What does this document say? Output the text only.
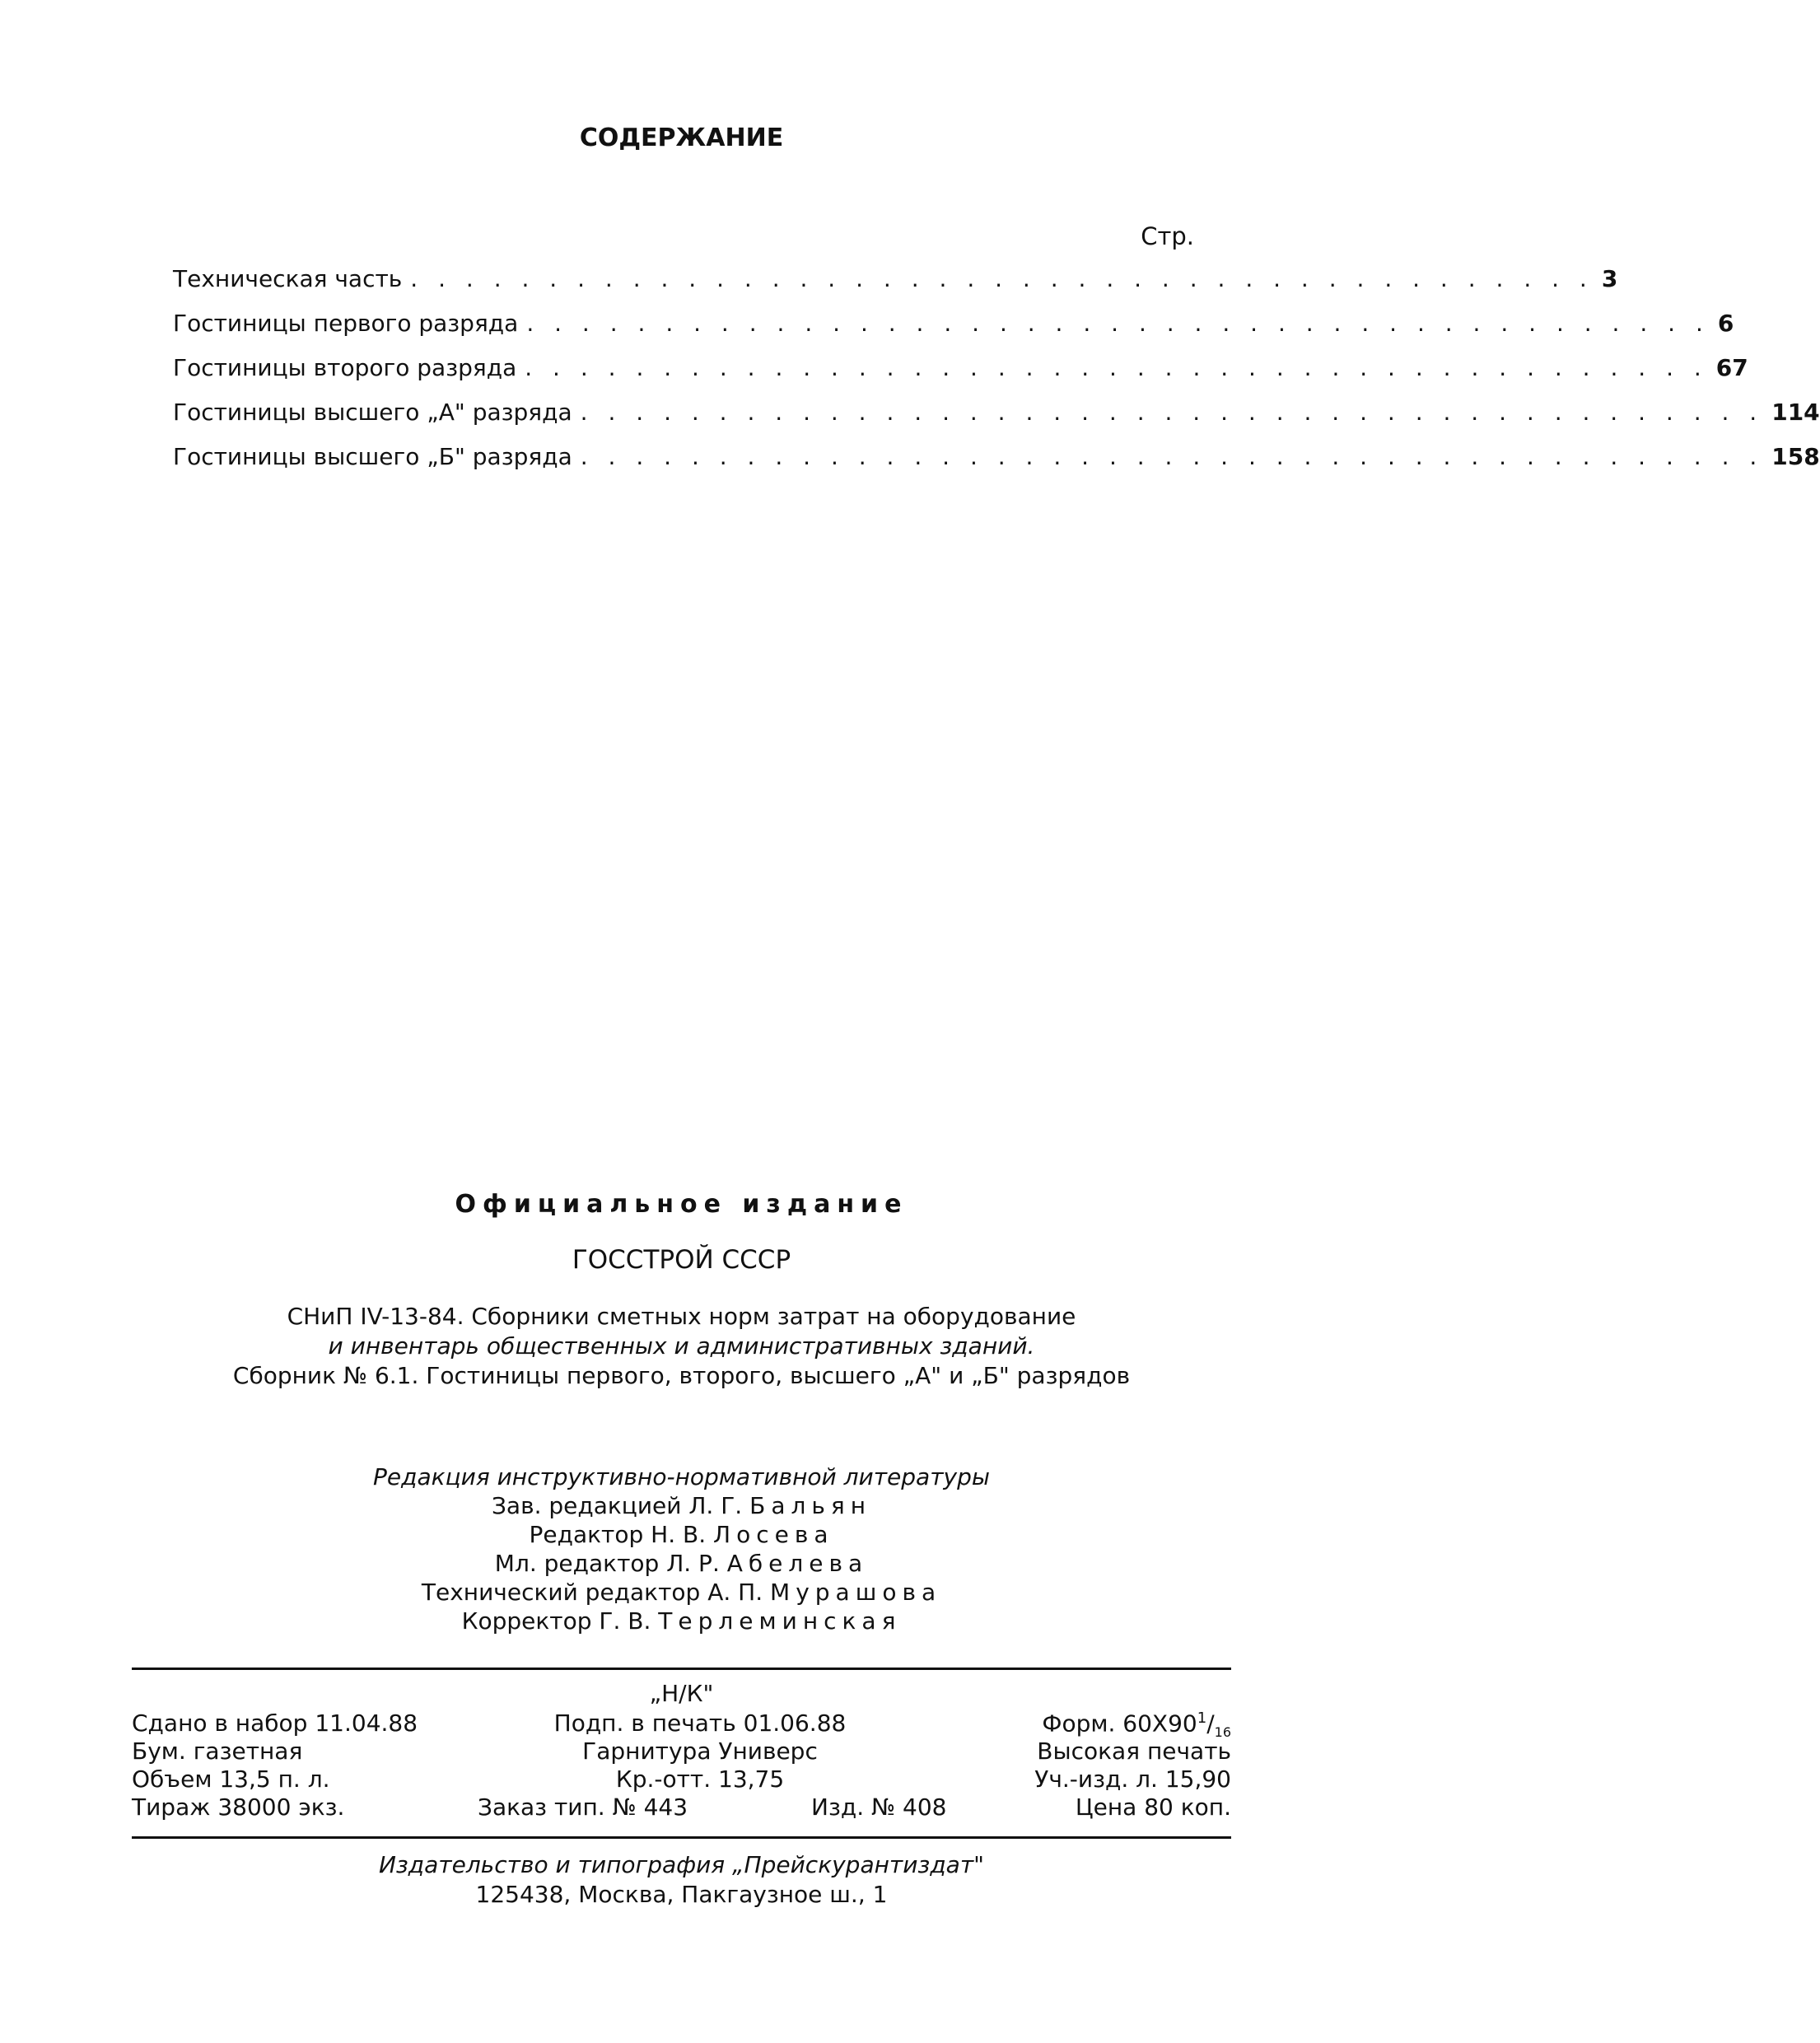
СОДЕРЖАНИЕ
Стр.
Техническая часть . . . . . . . . . . . . . . . . . . . . . . . . . . . . . . . . . . . . . . . . . . . 3
Гостиницы первого разряда . . . . . . . . . . . . . . . . . . . . . . . . . . . . . . . . . . . . . . . . . . . 6
Гостиницы второго разряда . . . . . . . . . . . . . . . . . . . . . . . . . . . . . . . . . . . . . . . . . . . 67
Гостиницы высшего „А" разряда . . . . . . . . . . . . . . . . . . . . . . . . . . . . . . . . . . . . . . . . . . . 114
Гостиницы высшего „Б" разряда . . . . . . . . . . . . . . . . . . . . . . . . . . . . . . . . . . . . . . . . . . . 158
Официальное издание
ГОССТРОЙ СССР
СНиП IV-13-84. Сборники сметных норм затрат на оборудование
и инвентарь общественных и административных зданий.
Сборник № 6.1. Гостиницы первого, второго, высшего „А" и „Б" разрядов
Редакция инструктивно-нормативной литературы
Зав. редакцией Л. Г. Бальян
Редактор Н. В. Лосева
Мл. редактор Л. Р. Абелева
Технический редактор А. П. Мурашова
Корректор Г. В. Терлеминская
„Н/К"
Сдано в набор 11.04.88	Подп. в печать 01.06.88	Форм. $60Х90^1/_{16}$
Бум. газетная	Гарнитура Универс	Высокая печать
Объем 13,5 п. л.	Кр.-отт. 13,75	Уч.-изд. л. 15,90
Тираж 38000 экз.	Заказ тип. № 443	Изд. № 408	Цена 80 коп.
Издательство и типография „Прейскурантиздат"
125438, Москва, Пакгаузное ш., 1
